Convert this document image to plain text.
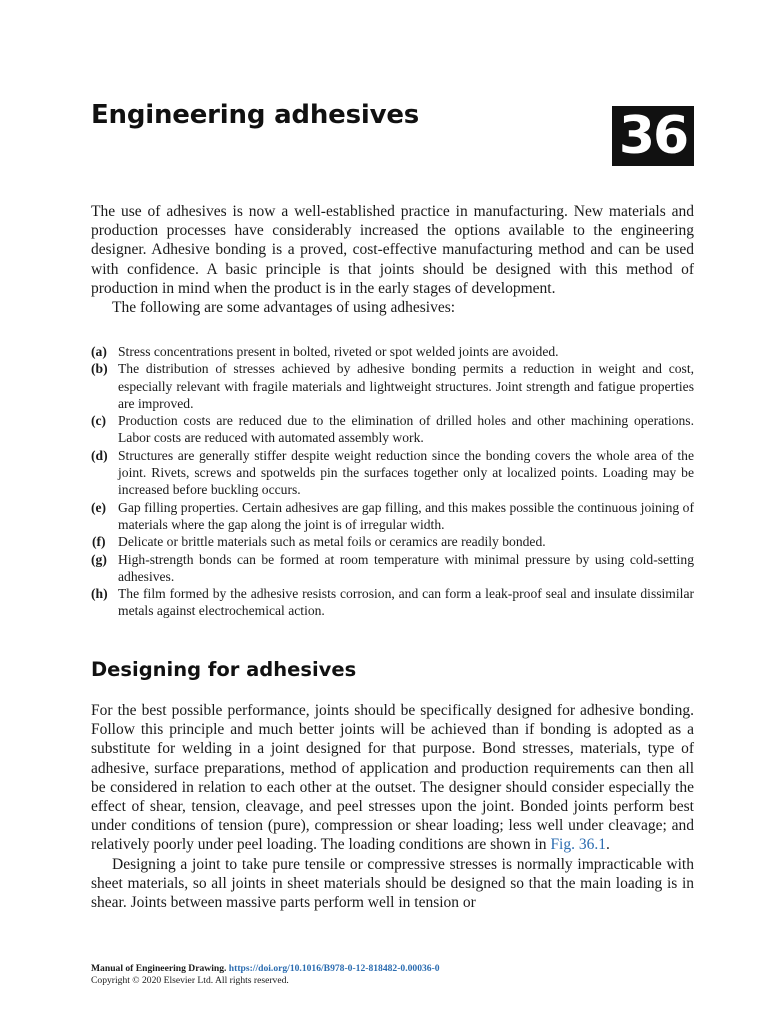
Engineering adhesives	36

The use of adhesives is now a well-established practice in manufacturing. New materials and production processes have considerably increased the options available to the engineering designer. Adhesive bonding is a proved, cost-effective manufacturing method and can be used with confidence. A basic principle is that joints should be designed with this method of production in mind when the product is in the early stages of development.

The following are some advantages of using adhesives:

(a) Stress concentrations present in bolted, riveted or spot welded joints are avoided.
(b) The distribution of stresses achieved by adhesive bonding permits a reduction in weight and cost, especially relevant with fragile materials and lightweight structures. Joint strength and fatigue properties are improved.
(c) Production costs are reduced due to the elimination of drilled holes and other machining operations. Labor costs are reduced with automated assembly work.
(d) Structures are generally stiffer despite weight reduction since the bonding covers the whole area of the joint. Rivets, screws and spotwelds pin the surfaces together only at localized points. Loading may be increased before buckling occurs.
(e) Gap filling properties. Certain adhesives are gap filling, and this makes possible the continuous joining of materials where the gap along the joint is of irregular width.
(f) Delicate or brittle materials such as metal foils or ceramics are readily bonded.
(g) High-strength bonds can be formed at room temperature with minimal pressure by using cold-setting adhesives.
(h) The film formed by the adhesive resists corrosion, and can form a leak-proof seal and insulate dissimilar metals against electrochemical action.
Designing for adhesives

For the best possible performance, joints should be specifically designed for adhesive bonding. Follow this principle and much better joints will be achieved than if bonding is adopted as a substitute for welding in a joint designed for that purpose. Bond stresses, materials, type of adhesive, surface preparations, method of application and production requirements can then all be considered in relation to each other at the outset. The designer should consider especially the effect of shear, tension, cleavage, and peel stresses upon the joint. Bonded joints perform best under conditions of tension (pure), compression or shear loading; less well under cleavage; and relatively poorly under peel loading. The loading conditions are shown in Fig. 36.1.

Designing a joint to take pure tensile or compressive stresses is normally impracticable with sheet materials, so all joints in sheet materials should be designed so that the main loading is in shear. Joints between massive parts perform well in tension or

Manual of Engineering Drawing. https://doi.org/10.1016/B978-0-12-818482-0.00036-0
Copyright © 2020 Elsevier Ltd. All rights reserved.
